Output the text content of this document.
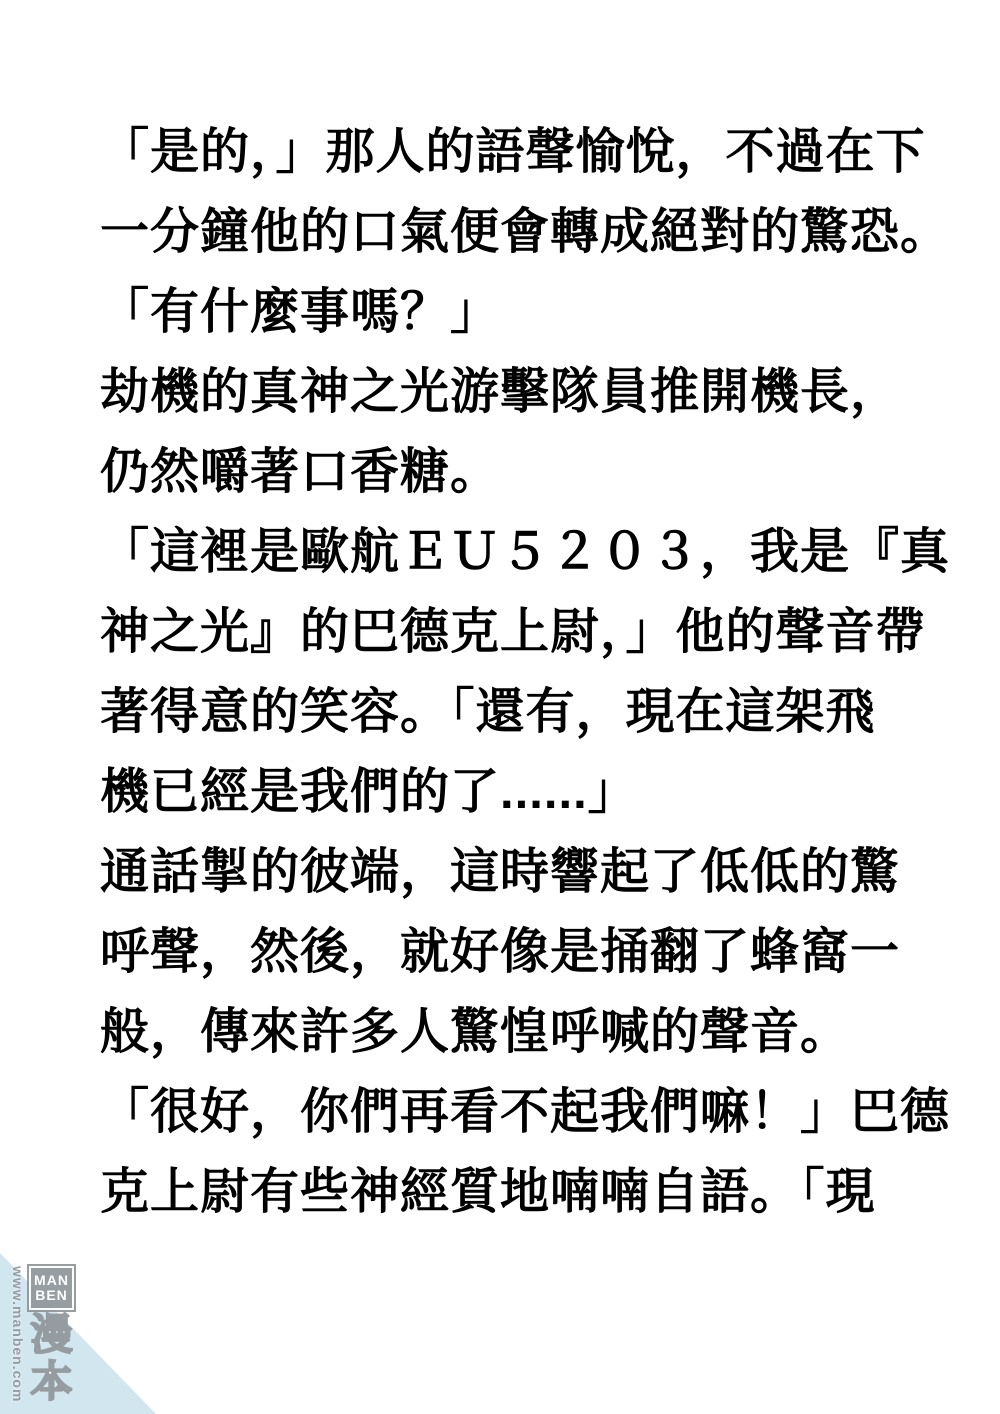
「是的，」那人的語聲愉悅，不過在下
一分鐘他的口氣便會轉成絕對的驚恐。
「有什麼事嗎？」
劫機的真神之光游擊隊員推開機長，
仍然嚼著口香糖。
「這裡是歐航ＥＵ５２０３，我是『真
神之光』的巴德克上尉，」他的聲音帶
著得意的笑容。「還有，現在這架飛
機已經是我們的了......」
通話掣的彼端，這時響起了低低的驚
呼聲，然後，就好像是捅翻了蜂窩一
般，傳來許多人驚惶呼喊的聲音。
「很好，你們再看不起我們嘛！」巴德
克上尉有些神經質地喃喃自語。「現
www.manben.com MAN
BEN
漫
本
